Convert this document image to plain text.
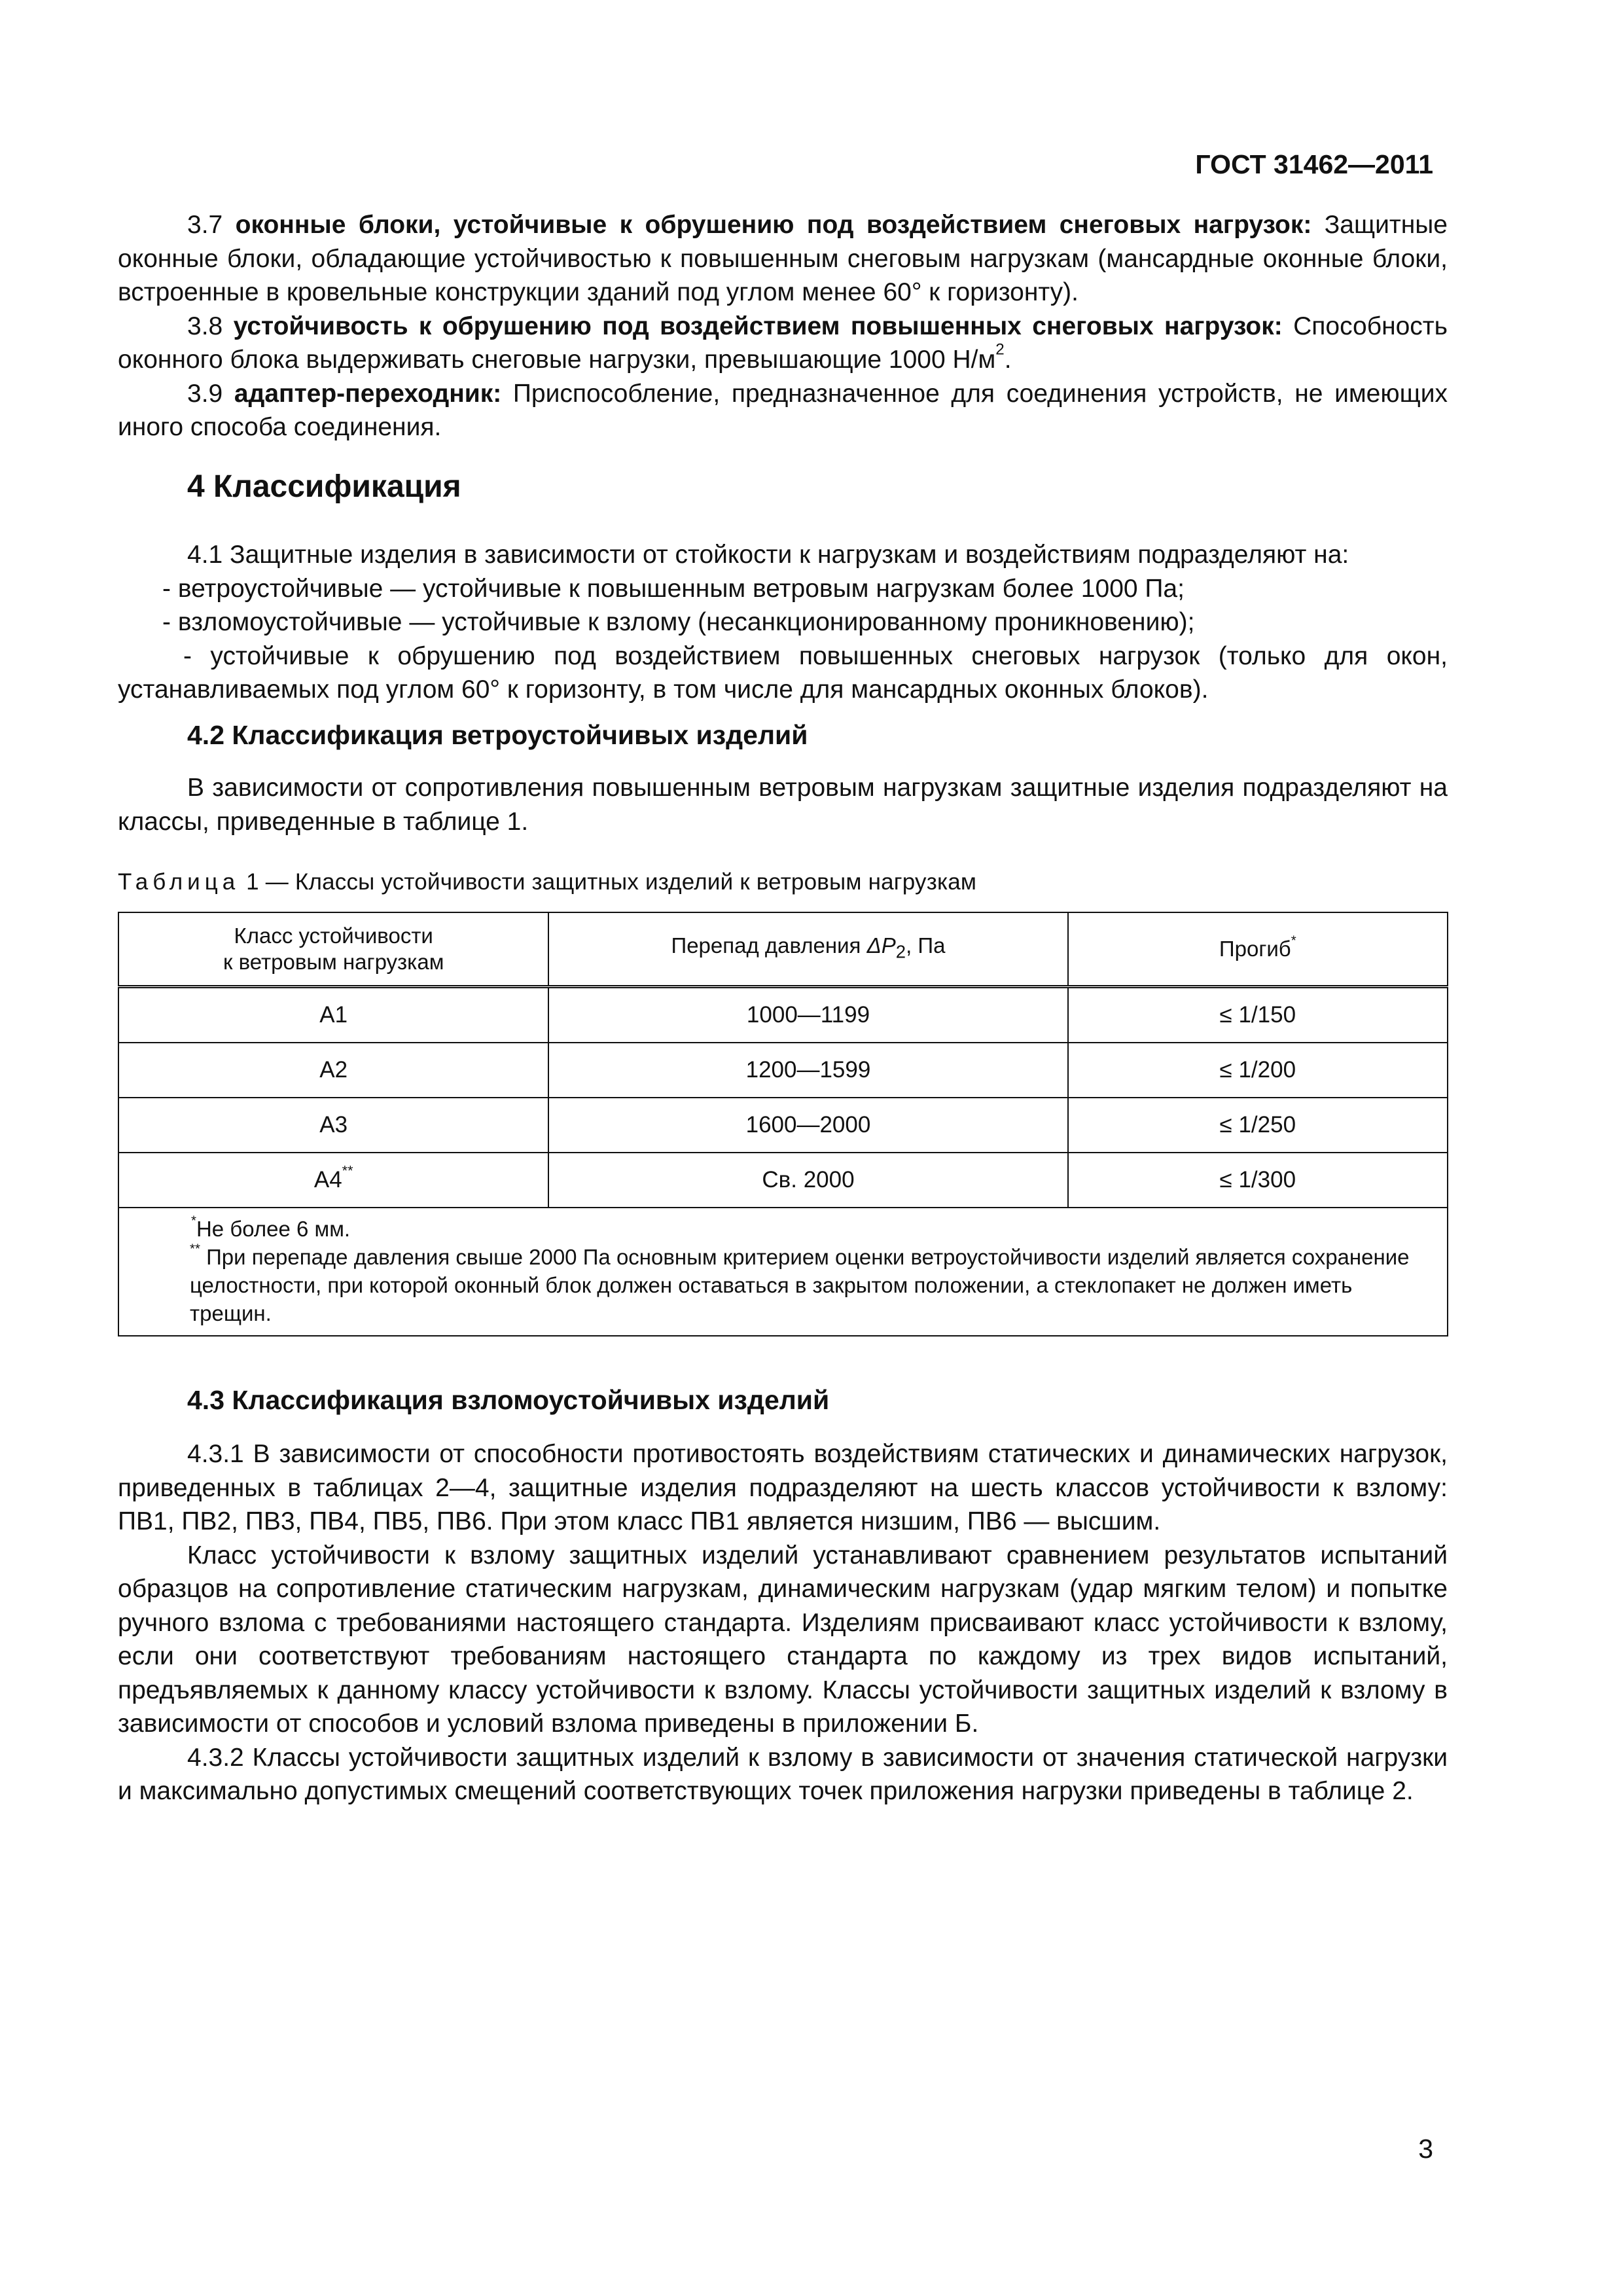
ГОСТ 31462—2011

3.7 оконные блоки, устойчивые к обрушению под воздействием снеговых нагрузок: Защитные оконные блоки, обладающие устойчивостью к повышенным снеговым нагрузкам (мансардные оконные блоки, встроенные в кровельные конструкции зданий под углом менее 60° к горизонту).

3.8 устойчивость к обрушению под воздействием повышенных снеговых нагрузок: Способность оконного блока выдерживать снеговые нагрузки, превышающие 1000 $Н/м^2$.

3.9 адаптер-переходник: Приспособление, предназначенное для соединения устройств, не имеющих иного способа соединения.

4 Классификация

4.1 Защитные изделия в зависимости от стойкости к нагрузкам и воздействиям подразделяют на:

- ветроустойчивые — устойчивые к повышенным ветровым нагрузкам более 1000 Па;

- взломоустойчивые — устойчивые к взлому (несанкционированному проникновению);

- устойчивые к обрушению под воздействием повышенных снеговых нагрузок (только для окон, устанавливаемых под углом 60° к горизонту, в том числе для мансардных оконных блоков).

4.2 Классификация ветроустойчивых изделий

В зависимости от сопротивления повышенным ветровым нагрузкам защитные изделия подразделяют на классы, приведенные в таблице 1.

Таблица 1 — Классы устойчивости защитных изделий к ветровым нагрузкам
Класс устойчивости
к ветровым нагрузкам	Перепад давления $\Delta P_2$, Па	Прогиб*
А1	1000—1199	≤ 1/150
А2	1200—1599	≤ 1/200
А3	1600—2000	≤ 1/250
А4**	Св. 2000	≤ 1/300

*Не более 6 мм.
** При перепаде давления свыше 2000 Па основным критерием оценки ветроустойчивости изделий является сохранение целостности, при которой оконный блок должен оставаться в закрытом положении, а стеклопакет не должен иметь трещин.		
4.3 Классификация взломоустойчивых изделий

4.3.1 В зависимости от способности противостоять воздействиям статических и динамических нагрузок, приведенных в таблицах 2—4, защитные изделия подразделяют на шесть классов устойчивости к взлому: ПВ1, ПВ2, ПВ3, ПВ4, ПВ5, ПВ6. При этом класс ПВ1 является низшим, ПВ6 — высшим.

Класс устойчивости к взлому защитных изделий устанавливают сравнением результатов испытаний образцов на сопротивление статическим нагрузкам, динамическим нагрузкам (удар мягким телом) и попытке ручного взлома с требованиями настоящего стандарта. Изделиям присваивают класс устойчивости к взлому, если они соответствуют требованиям настоящего стандарта по каждому из трех видов испытаний, предъявляемых к данному классу устойчивости к взлому. Классы устойчивости защитных изделий к взлому в зависимости от способов и условий взлома приведены в приложении Б.

4.3.2 Классы устойчивости защитных изделий к взлому в зависимости от значения статической нагрузки и максимально допустимых смещений соответствующих точек приложения нагрузки приведены в таблице 2.

3
